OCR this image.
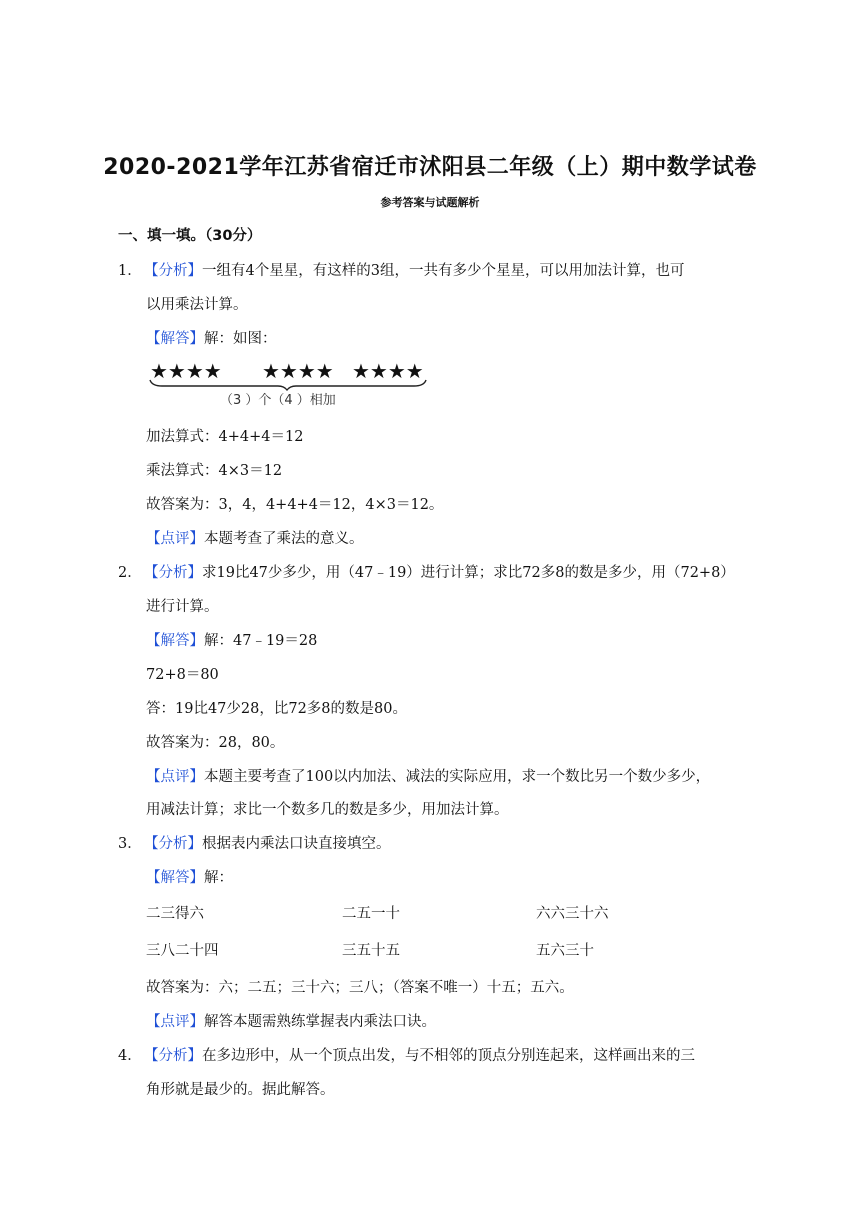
2020-2021学年江苏省宿迁市沭阳县二年级（上）期中数学试卷
参考答案与试题解析
一、填一填。（30分）
1． 【分析】一组有4个星星，有这样的3组，一共有多少个星星，可以用加法计算，也可
以用乘法计算。
【解答】解：如图：
★★★★ ★★★★ ★★★★
（3 ）个（4 ）相加
加法算式：4+4+4＝12
乘法算式：4×3＝12
故答案为：3，4，4+4+4＝12，4×3＝12。
【点评】本题考查了乘法的意义。
2． 【分析】求19比47少多少，用（47﹣19）进行计算；求比72多8的数是多少，用（72+8）
进行计算。
【解答】解：47﹣19＝28
72+8＝80
答：19比47少28，比72多8的数是80。
故答案为：28，80。
【点评】本题主要考查了100以内加法、减法的实际应用，求一个数比另一个数少多少，
用减法计算；求比一个数多几的数是多少，用加法计算。
3． 【分析】根据表内乘法口诀直接填空。
【解答】解：
二三得六	二五一十	六六三十六
三八二十四	三五十五	五六三十
故答案为：六；二五；三十六；三八；（答案不唯一）十五；五六。
【点评】解答本题需熟练掌握表内乘法口诀。
4． 【分析】在多边形中，从一个顶点出发，与不相邻的顶点分别连起来，这样画出来的三
角形就是最少的。据此解答。
